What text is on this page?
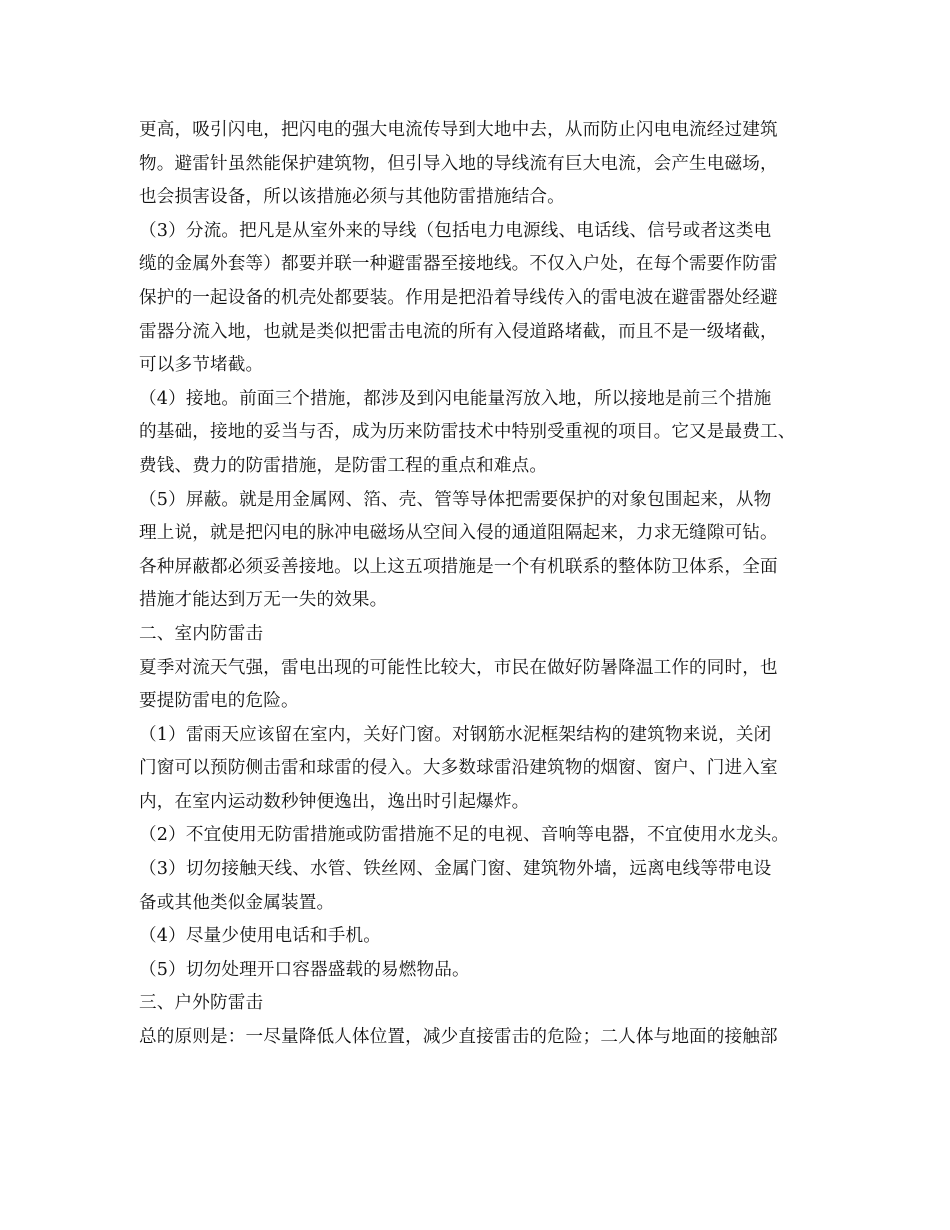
更高，吸引闪电，把闪电的强大电流传导到大地中去，从而防止闪电电流经过建筑
物。避雷针虽然能保护建筑物，但引导入地的导线流有巨大电流，会产生电磁场，
也会损害设备，所以该措施必须与其他防雷措施结合。
（3）分流。把凡是从室外来的导线（包括电力电源线、电话线、信号或者这类电
缆的金属外套等）都要并联一种避雷器至接地线。不仅入户处，在每个需要作防雷
保护的一起设备的机壳处都要装。作用是把沿着导线传入的雷电波在避雷器处经避
雷器分流入地，也就是类似把雷击电流的所有入侵道路堵截，而且不是一级堵截，
可以多节堵截。
（4）接地。前面三个措施，都涉及到闪电能量泻放入地，所以接地是前三个措施
的基础，接地的妥当与否，成为历来防雷技术中特别受重视的项目。它又是最费工、
费钱、费力的防雷措施，是防雷工程的重点和难点。
（5）屏蔽。就是用金属网、箔、壳、管等导体把需要保护的对象包围起来，从物
理上说，就是把闪电的脉冲电磁场从空间入侵的通道阻隔起来，力求无缝隙可钻。
各种屏蔽都必须妥善接地。以上这五项措施是一个有机联系的整体防卫体系，全面
措施才能达到万无一失的效果。
二、室内防雷击
夏季对流天气强，雷电出现的可能性比较大，市民在做好防暑降温工作的同时，也
要提防雷电的危险。
（1）雷雨天应该留在室内，关好门窗。对钢筋水泥框架结构的建筑物来说，关闭
门窗可以预防侧击雷和球雷的侵入。大多数球雷沿建筑物的烟窗、窗户、门进入室
内，在室内运动数秒钟便逸出，逸出时引起爆炸。
（2）不宜使用无防雷措施或防雷措施不足的电视、音响等电器，不宜使用水龙头。
（3）切勿接触天线、水管、铁丝网、金属门窗、建筑物外墙，远离电线等带电设
备或其他类似金属装置。
（4）尽量少使用电话和手机。
（5）切勿处理开口容器盛载的易燃物品。
三、户外防雷击
总的原则是：一尽量降低人体位置，减少直接雷击的危险；二人体与地面的接触部
